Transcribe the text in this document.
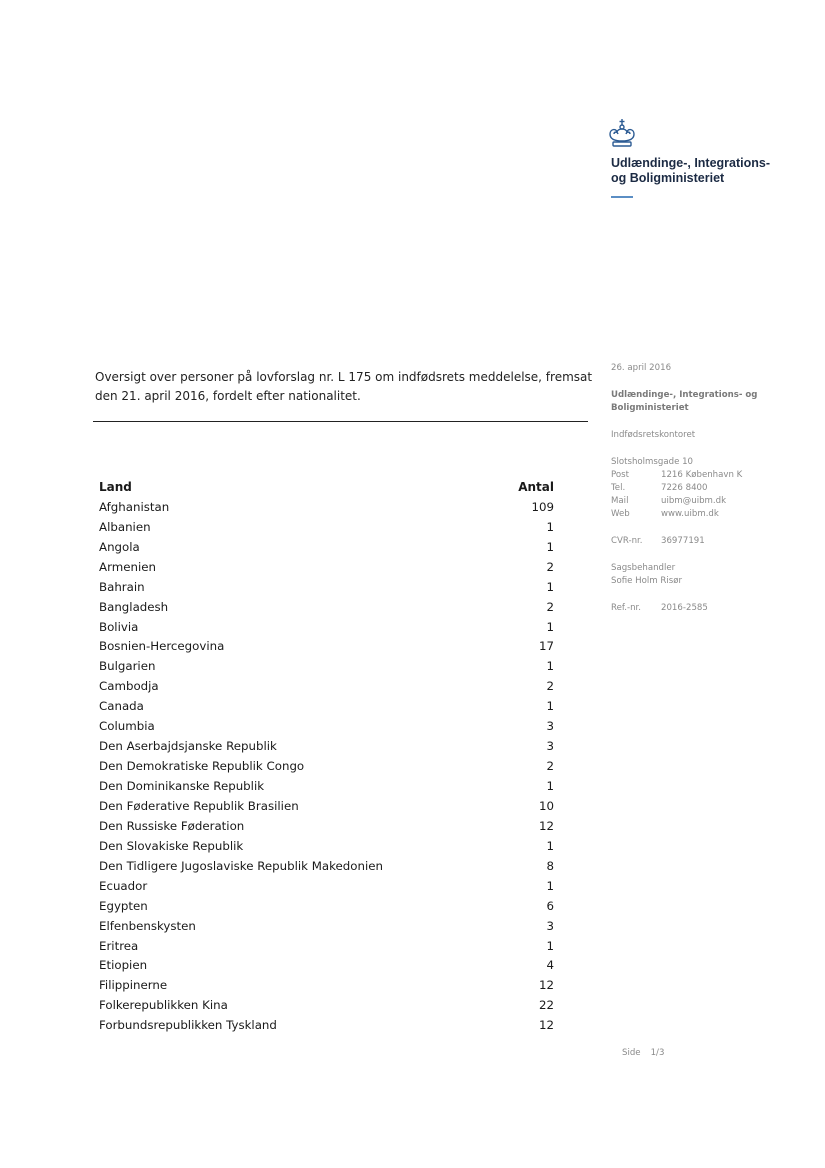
Udlændinge-, Integrations-
og Boligministeriet
Oversigt over personer på lovforslag nr. L 175 om indfødsrets meddelelse, fremsat den 21. april 2016, fordelt efter nationalitet.
Land	Antal
Afghanistan	109
Albanien	1
Angola	1
Armenien	2
Bahrain	1
Bangladesh	2
Bolivia	1
Bosnien-Hercegovina	17
Bulgarien	1
Cambodja	2
Canada	1
Columbia	3
Den Aserbajdsjanske Republik	3
Den Demokratiske Republik Congo	2
Den Dominikanske Republik	1
Den Føderative Republik Brasilien	10
Den Russiske Føderation	12
Den Slovakiske Republik	1
Den Tidligere Jugoslaviske Republik Makedonien	8
Ecuador	1
Egypten	6
Elfenbenskysten	3
Eritrea	1
Etiopien	4
Filippinerne	12
Folkerepublikken Kina	22
Forbundsrepublikken Tyskland	12
26. april 2016
Udlændinge-, Integrations- og
Boligministeriet
Indfødsretskontoret
Slotsholmsgade 10
Post	1216 København K
Tel.	7226 8400
Mail	uibm@uibm.dk
Web	www.uibm.dk
CVR-nr.	36977191
Sagsbehandler
Sofie Holm Risør
Ref.-nr.	2016-2585
Side 1/3
